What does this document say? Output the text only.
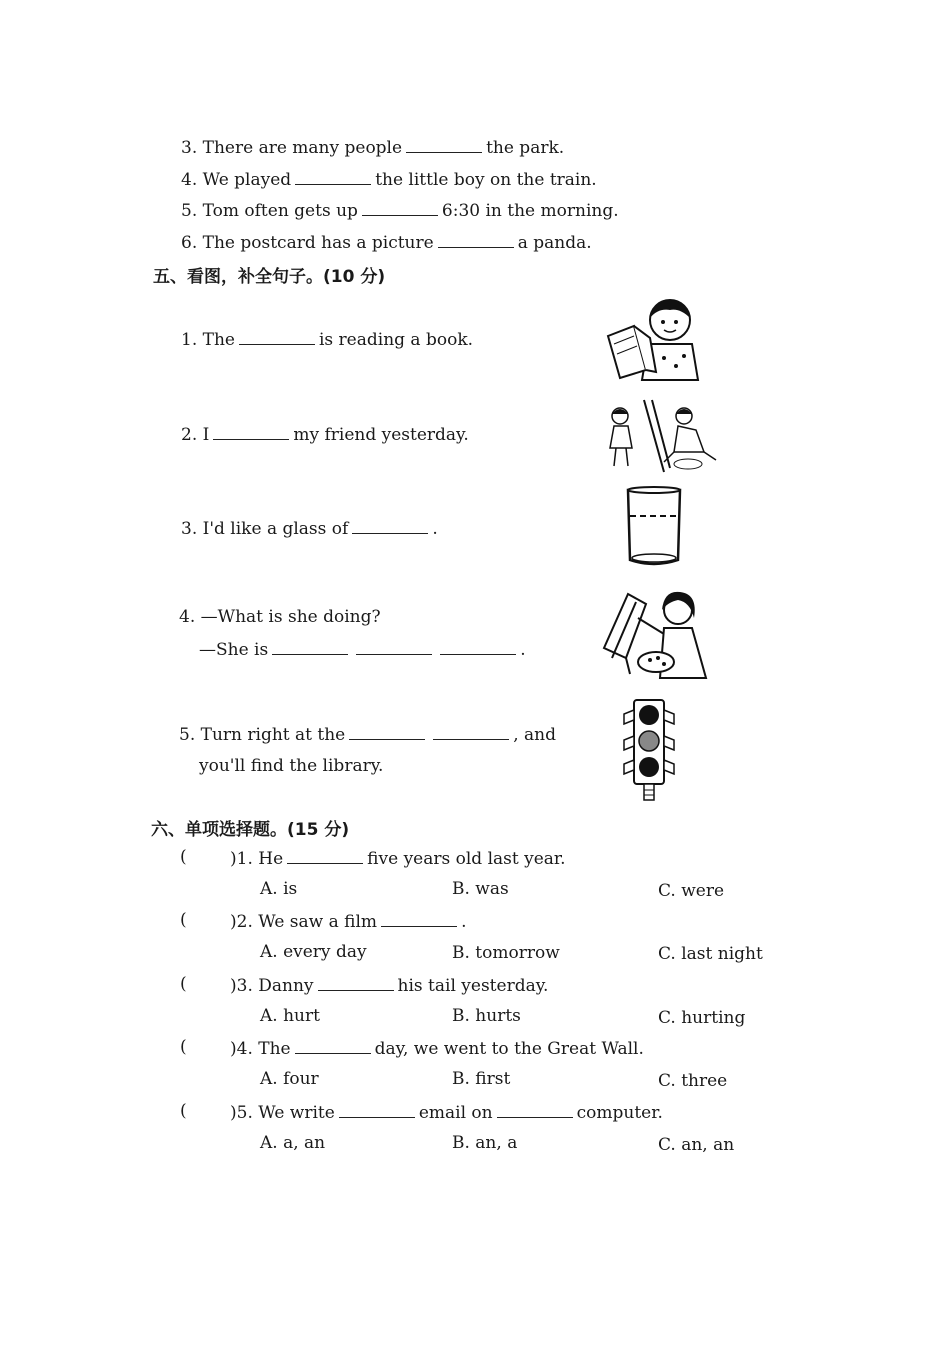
3. There are many people	the park.
4. We played	the little boy on the train.
5. Tom often gets up	6:30 in the morning.
6. The postcard has a picture	a panda.
五、看图，补全句子。(10 分)
1. The	is reading a book.
2. I	my friend yesterday.
3. I'd like a glass of	.
4. —What is she doing?
—She is	.
5. Turn right at the	, and
you'll find the library.
六、单项选择题。(15 分)
(	)1. He	five years old last year.
A. is	B. was	C. were
(	)2. We saw a film	.
A. every day	B. tomorrow	C. last night
(	)3. Danny	his tail yesterday.
A. hurt	B. hurts	C. hurting
(	)4. The	day, we went to the Great Wall.
A. four	B. first	C. three
(	)5. We write	email on	computer.
A. a, an	B. an, a	C. an, an
